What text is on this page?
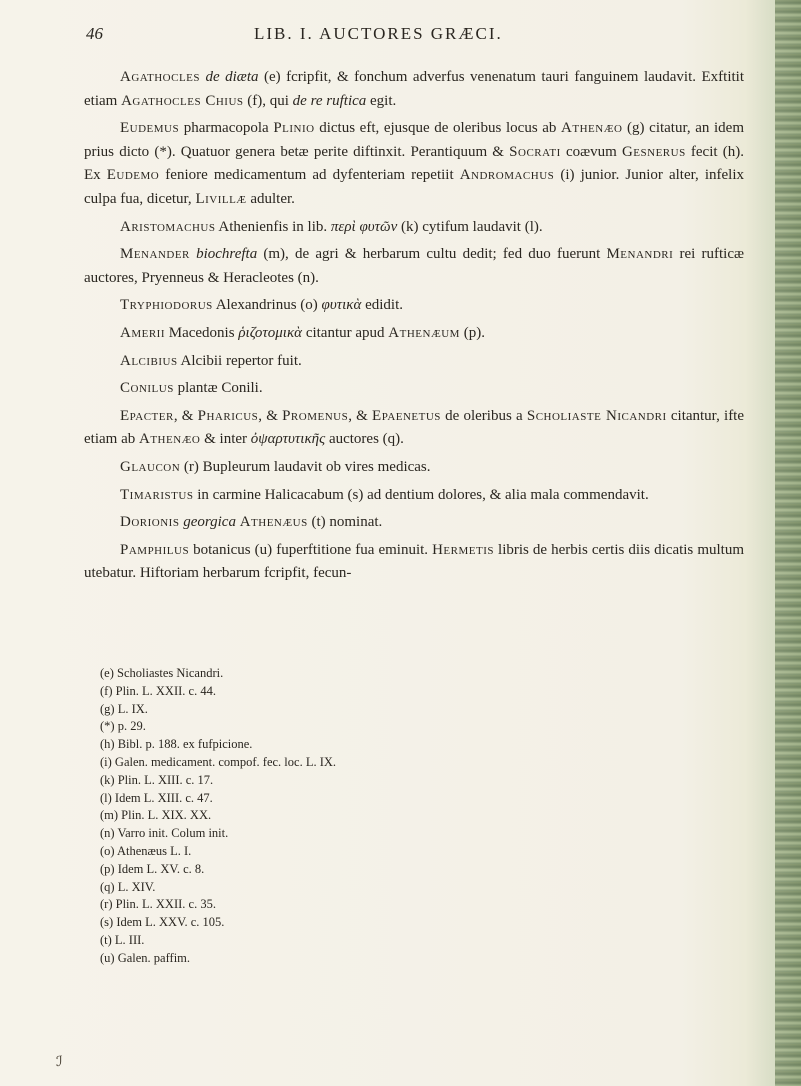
46	LIB. I. AUCTORES GRÆCI.

Agathocles de diæta (e) fcripfit, & fonchum adverfus venenatum tauri fanguinem laudavit. Exftitit etiam Agathocles Chius (f), qui de re ruftica egit.

Eudemus pharmacopola Plinio dictus eft, ejusque de oleribus locus ab Athenæo (g) citatur, an idem prius dicto (*). Quatuor genera betæ perite diftinxit. Perantiquum & Socrati coævum Gesnerus fecit (h). Ex Eudemo feniore medicamentum ad dyfenteriam repetiit Andromachus (i) junior. Junior alter, infelix culpa fua, dicetur, Livillæ adulter.

Aristomachus Athenienfis in lib. περὶ φυτῶν (k) cytifum laudavit (l).

Menander biochrefta (m), de agri & herbarum cultu dedit; fed duo fuerunt Menandri rei rufticæ auctores, Pryenneus & Heracleotes (n).

Tryphiodorus Alexandrinus (o) φυτικὰ edidit.

Amerii Macedonis ῥιζοτομικὰ citantur apud Athenæum (p).

Alcibius Alcibii repertor fuit.

Conilus plantæ Conili.

Epacter, & Pharicus, & Promenus, & Epaenetus de oleribus a Scholiaste Nicandri citantur, ifte etiam ab Athenæo & inter ὀψαρτυτικῆς auctores (q).

Glaucon (r) Bupleurum laudavit ob vires medicas.

Timaristus in carmine Halicacabum (s) ad dentium dolores, & alia mala commendavit.

Dorionis georgica Athenæus (t) nominat.

Pamphilus botanicus (u) fuperftitione fua eminuit. Hermetis libris de herbis certis diis dicatis multum utebatur. Hiftoriam herbarum fcripfit, fecun-

(e) Scholiastes Nicandri.
(f) Plin. L. XXII. c. 44.
(g) L. IX.
(*) p. 29.
(h) Bibl. p. 188. ex fufpicione.
(i) Galen. medicament. compof. fec. loc. L. IX.
(k) Plin. L. XIII. c. 17.
(l) Idem L. XIII. c. 47.
(m) Plin. L. XIX. XX.
(n) Varro init. Colum init.
(o) Athenæus L. I.
(p) Idem L. XV. c. 8.
(q) L. XIV.
(r) Plin. L. XXII. c. 35.
(s) Idem L. XXV. c. 105.
(t) L. III.
(u) Galen. paffim.
ℐ
